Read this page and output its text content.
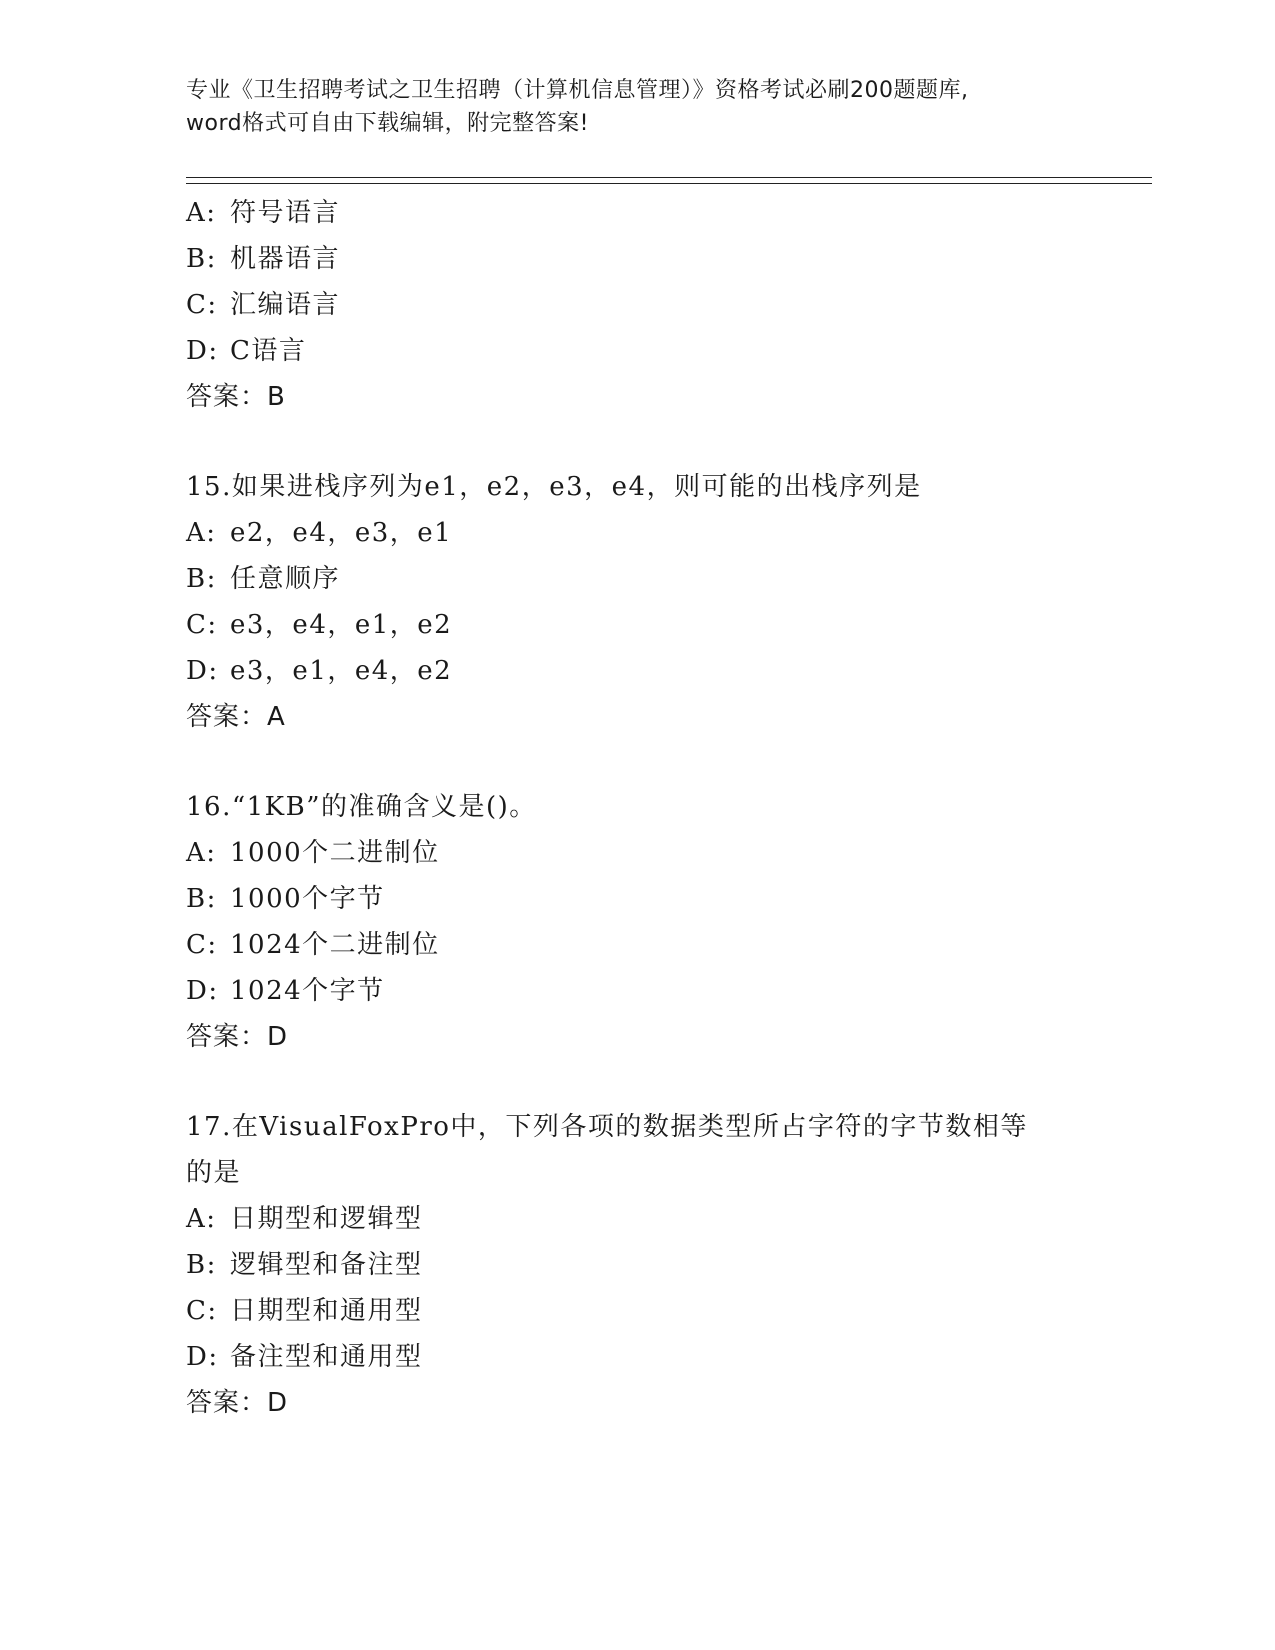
专业《卫生招聘考试之卫生招聘（计算机信息管理）》资格考试必刷200题题库,
word格式可自由下载编辑，附完整答案!
A: 符号语言
B: 机器语言
C: 汇编语言
D: C语言
答案：B
15.如果进栈序列为e1，e2，e3，e4，则可能的出栈序列是
A: e2，e4，e3，e1
B: 任意顺序
C: e3，e4，e1，e2
D: e3，e1，e4，e2
答案：A
16.“1KB”的准确含义是()。
A: 1000个二进制位
B: 1000个字节
C: 1024个二进制位
D: 1024个字节
答案：D
17.在VisualFoxPro中，下列各项的数据类型所占字符的字节数相等
的是
A: 日期型和逻辑型
B: 逻辑型和备注型
C: 日期型和通用型
D: 备注型和通用型
答案：D
